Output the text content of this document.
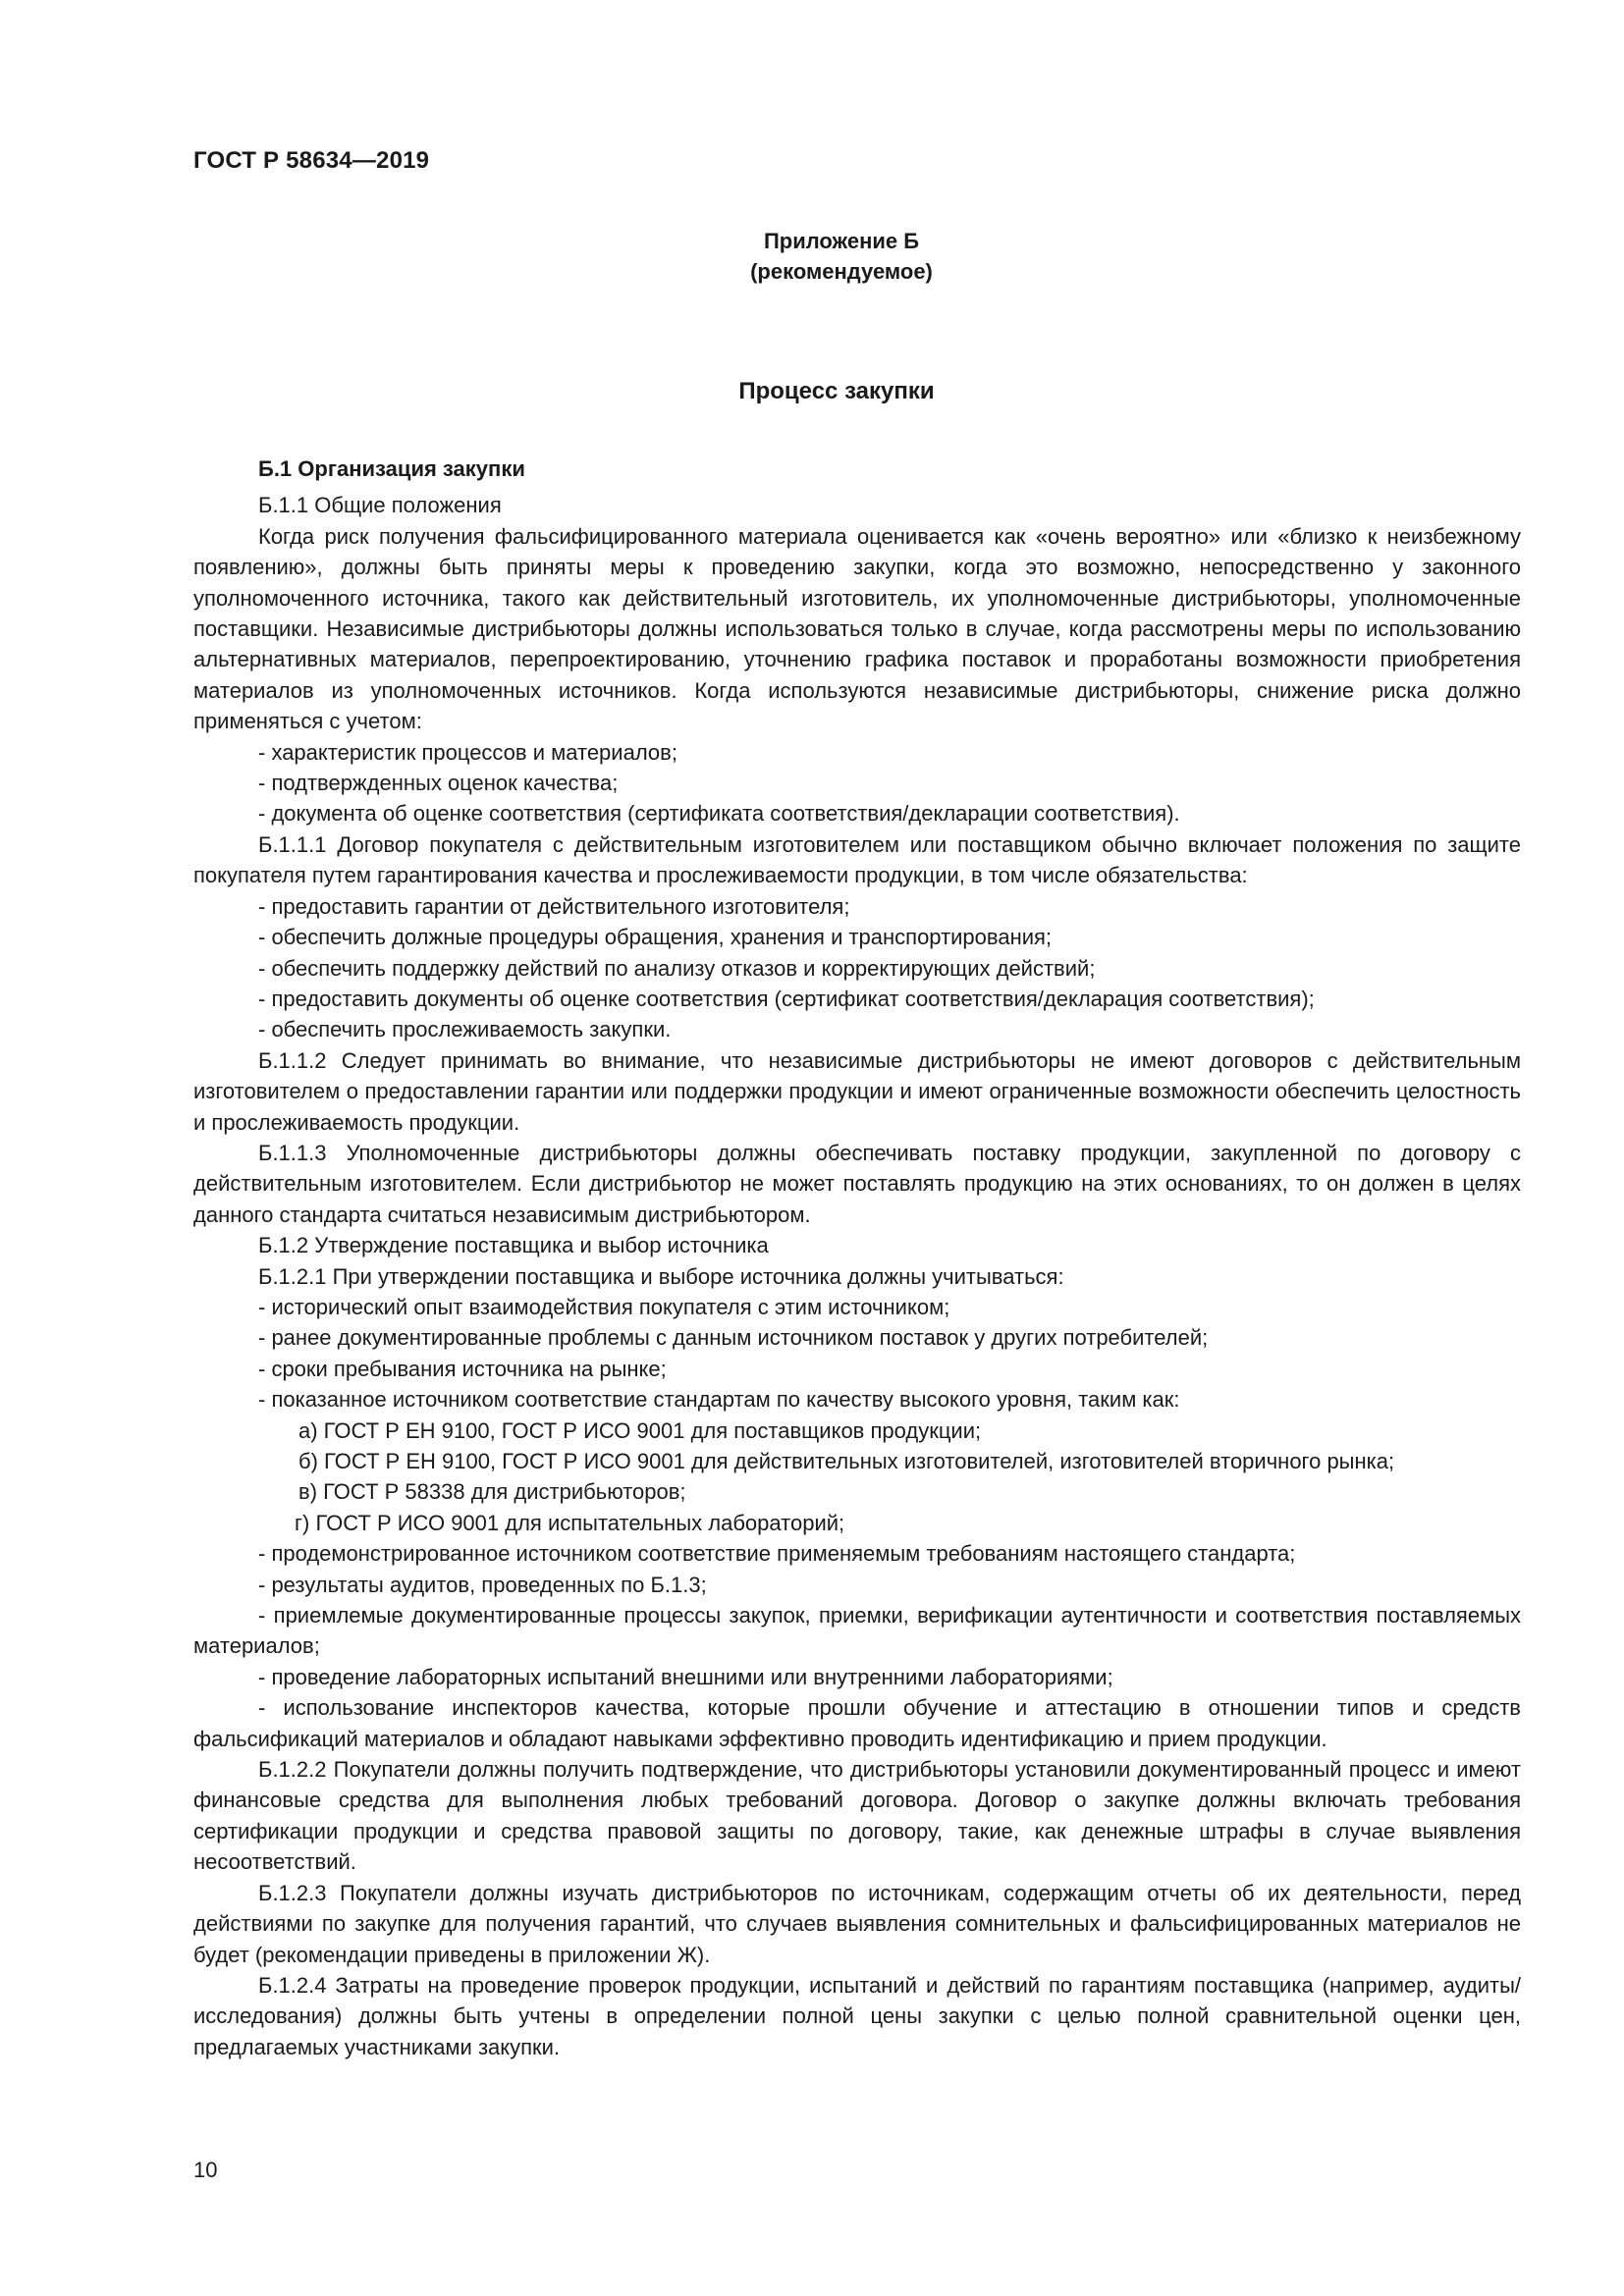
ГОСТ Р 58634—2019
Приложение Б
(рекомендуемое)
Процесс закупки

Б.1 Организация закупки

Б.1.1 Общие положения

Когда риск получения фальсифицированного материала оценивается как «очень вероятно» или «близко к неизбежному появлению», должны быть приняты меры к проведению закупки, когда это возможно, непосредственно у законного уполномоченного источника, такого как действительный изготовитель, их уполномоченные дистрибьюторы, уполномоченные поставщики. Независимые дистрибьюторы должны использоваться только в случае, когда рассмотрены меры по использованию альтернативных материалов, перепроектированию, уточнению графика поставок и проработаны возможности приобретения материалов из уполномоченных источников. Когда используются независимые дистрибьюторы, снижение риска должно применяться с учетом:

- характеристик процессов и материалов;

- подтвержденных оценок качества;

- документа об оценке соответствия (сертификата соответствия/декларации соответствия).

Б.1.1.1 Договор покупателя с действительным изготовителем или поставщиком обычно включает положения по защите покупателя путем гарантирования качества и прослеживаемости продукции, в том числе обязательства:

- предоставить гарантии от действительного изготовителя;

- обеспечить должные процедуры обращения, хранения и транспортирования;

- обеспечить поддержку действий по анализу отказов и корректирующих действий;

- предоставить документы об оценке соответствия (сертификат соответствия/декларация соответствия);

- обеспечить прослеживаемость закупки.

Б.1.1.2 Следует принимать во внимание, что независимые дистрибьюторы не имеют договоров с действительным изготовителем о предоставлении гарантии или поддержки продукции и имеют ограниченные возможности обеспечить целостность и прослеживаемость продукции.

Б.1.1.3 Уполномоченные дистрибьюторы должны обеспечивать поставку продукции, закупленной по договору с действительным изготовителем. Если дистрибьютор не может поставлять продукцию на этих основаниях, то он должен в целях данного стандарта считаться независимым дистрибьютором.

Б.1.2 Утверждение поставщика и выбор источника

Б.1.2.1 При утверждении поставщика и выборе источника должны учитываться:

- исторический опыт взаимодействия покупателя с этим источником;

- ранее документированные проблемы с данным источником поставок у других потребителей;

- сроки пребывания источника на рынке;

- показанное источником соответствие стандартам по качеству высокого уровня, таким как:

а) ГОСТ Р ЕН 9100, ГОСТ Р ИСО 9001 для поставщиков продукции;

б) ГОСТ Р ЕН 9100, ГОСТ Р ИСО 9001 для действительных изготовителей, изготовителей вторичного рынка;

в) ГОСТ Р 58338 для дистрибьюторов;

г) ГОСТ Р ИСО 9001 для испытательных лабораторий;

- продемонстрированное источником соответствие применяемым требованиям настоящего стандарта;

- результаты аудитов, проведенных по Б.1.3;

- приемлемые документированные процессы закупок, приемки, верификации аутентичности и соответствия поставляемых материалов;

- проведение лабораторных испытаний внешними или внутренними лабораториями;

- использование инспекторов качества, которые прошли обучение и аттестацию в отношении типов и средств фальсификаций материалов и обладают навыками эффективно проводить идентификацию и прием продукции.

Б.1.2.2 Покупатели должны получить подтверждение, что дистрибьюторы установили документированный процесс и имеют финансовые средства для выполнения любых требований договора. Договор о закупке должны включать требования сертификации продукции и средства правовой защиты по договору, такие, как денежные штрафы в случае выявления несоответствий.

Б.1.2.3 Покупатели должны изучать дистрибьюторов по источникам, содержащим отчеты об их деятельности, перед действиями по закупке для получения гарантий, что случаев выявления сомнительных и фальсифицированных материалов не будет (рекомендации приведены в приложении Ж).

Б.1.2.4 Затраты на проведение проверок продукции, испытаний и действий по гарантиям поставщика (например, аудиты/исследования) должны быть учтены в определении полной цены закупки с целью полной сравнительной оценки цен, предлагаемых участниками закупки.

10
